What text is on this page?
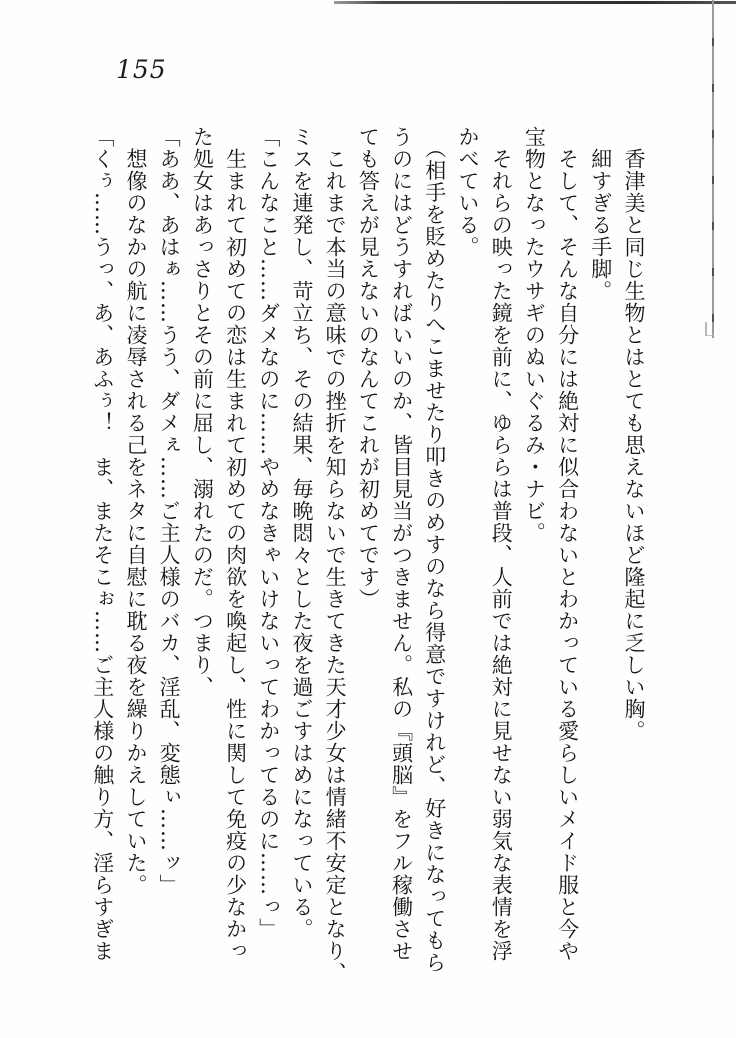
155
　香津美と同じ生物とはとても思えないほど隆起に乏しい胸。
　細すぎる手脚。
　そして、そんな自分には絶対に似合わないとわかっている愛らしいメイド服と今や
宝物となったウサギのぬいぐるみ・ナビ。
　それらの映った鏡を前に、ゆららは普段、人前では絶対に見せない弱気な表情を浮
かべている。
　（相手を貶めたりへこませたり叩きのめすのなら得意ですけれど、好きになってもら
うのにはどうすればいいのか、皆目見当がつきません。私の『頭脳』をフル稼働させ
ても答えが見えないのなんてこれが初めてです）
　これまで本当の意味での挫折を知らないで生きてきた天才少女は情緒不安定となり、
ミスを連発し、苛立ち、その結果、毎晩悶々とした夜を過ごすはめになっている。
「こんなこと……ダメなのに……やめなきゃいけないってわかってるのに……っ」
　生まれて初めての恋は生まれて初めての肉欲を喚起し、性に関して免疫の少なかっ
た処女はあっさりとその前に屈し、溺れたのだ。つまり、
「ああ、あはぁ……うう、ダメぇ……ご主人様のバカ、淫乱、変態ぃ……ッ」
　想像のなかの航に凌辱される己をネタに自慰に耽る夜を繰りかえしていた。
「くぅ……うっ、あ、あふぅ！　ま、またそこぉ……ご主人様の触り方、淫らすぎま
